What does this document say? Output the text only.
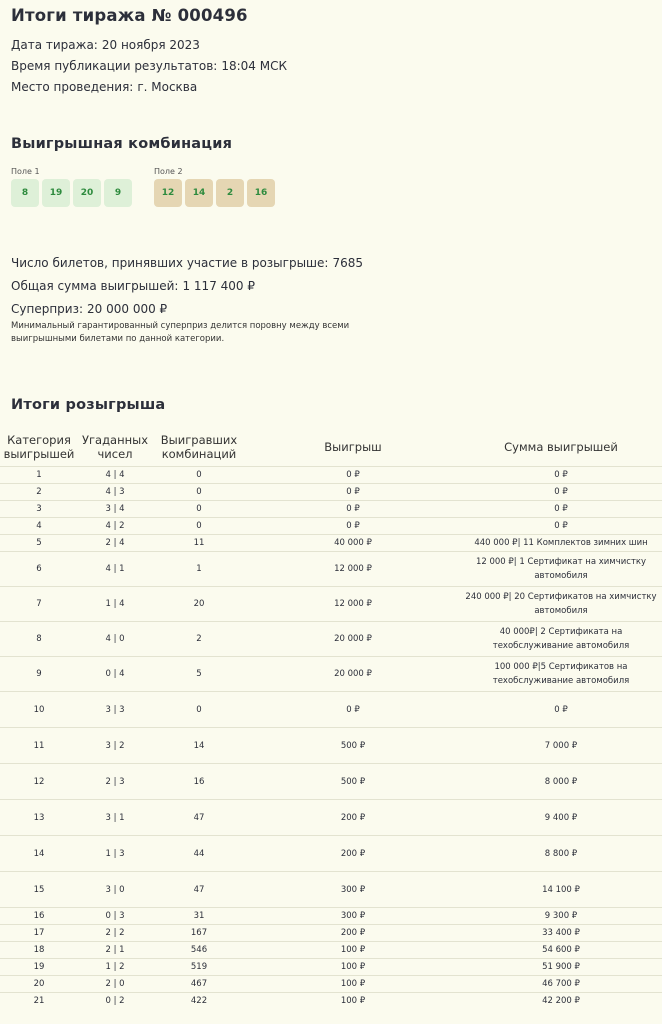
Итоги тиража № 000496
Дата тиража: 20 ноября 2023
Время публикации результатов: 18:04 МСК
Место проведения: г. Москва
Выигрышная комбинация
Поле 1
8	19	20	9
Поле 2
12	14	2	16
Число билетов, принявших участие в розыгрыше: 7685
Общая сумма выигрышей: 1 117 400 ₽
Суперприз: 20 000 000 ₽
Минимальный гарантированный суперприз делится поровну между всеми выигрышными билетами по данной категории.
Итоги розыгрыша
Категория выигрышей	Угаданных чисел	Выигравших комбинаций	Выигрыш	Сумма выигрышей
1	4 | 4	0	0 ₽	0 ₽
2	4 | 3	0	0 ₽	0 ₽
3	3 | 4	0	0 ₽	0 ₽
4	4 | 2	0	0 ₽	0 ₽
5	2 | 4	11	40 000 ₽	440 000 ₽| 11 Комплектов зимних шин
6	4 | 1	1	12 000 ₽	12 000 ₽| 1 Сертификат на химчистку автомобиля
7	1 | 4	20	12 000 ₽	240 000 ₽| 20 Сертификатов на химчистку автомобиля
8	4 | 0	2	20 000 ₽	40 000₽| 2 Сертификата на техобслуживание автомобиля
9	0 | 4	5	20 000 ₽	100 000 ₽|5 Сертификатов на техобслуживание автомобиля
10	3 | 3	0	0 ₽	0 ₽
11	3 | 2	14	500 ₽	7 000 ₽
12	2 | 3	16	500 ₽	8 000 ₽
13	3 | 1	47	200 ₽	9 400 ₽
14	1 | 3	44	200 ₽	8 800 ₽
15	3 | 0	47	300 ₽	14 100 ₽
16	0 | 3	31	300 ₽	9 300 ₽
17	2 | 2	167	200 ₽	33 400 ₽
18	2 | 1	546	100 ₽	54 600 ₽
19	1 | 2	519	100 ₽	51 900 ₽
20	2 | 0	467	100 ₽	46 700 ₽
21	0 | 2	422	100 ₽	42 200 ₽
